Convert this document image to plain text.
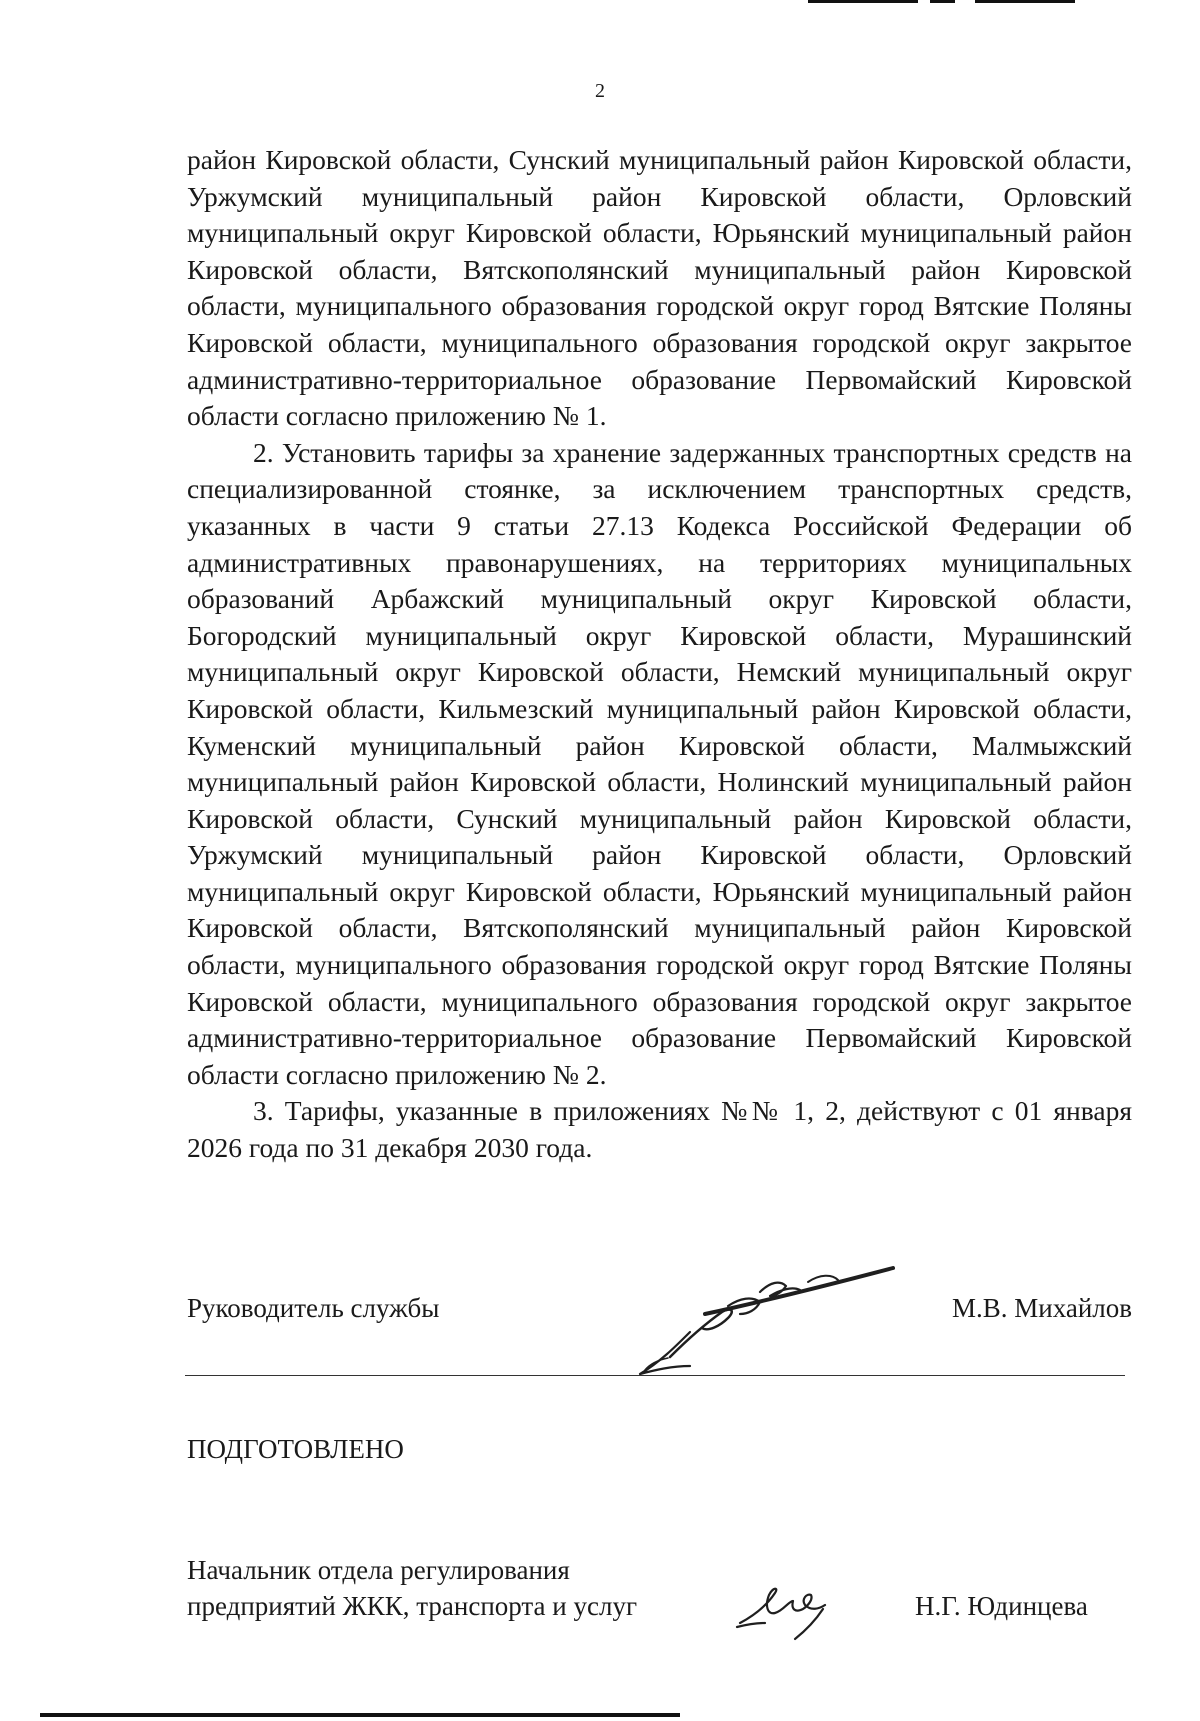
2

район Кировской области, Сунский муниципальный район Кировской области, Уржумский муниципальный район Кировской области, Орловский муниципальный округ Кировской области, Юрьянский муниципальный район Кировской области, Вятскополянский муниципальный район Кировской области, муниципального образования городской округ город Вятские Поляны Кировской области, муниципального образования городской округ закрытое административно-территориальное образование Первомайский Кировской области согласно приложению № 1.

2. Установить тарифы за хранение задержанных транспортных средств на специализированной стоянке, за исключением транспортных средств, указанных в части 9 статьи 27.13 Кодекса Российской Федерации об административных правонарушениях, на территориях муниципальных образований Арбажский муниципальный округ Кировской области, Богородский муниципальный округ Кировской области, Мурашинский муниципальный округ Кировской области, Немский муниципальный округ Кировской области, Кильмезский муниципальный район Кировской области, Куменский муниципальный район Кировской области, Малмыжский муниципальный район Кировской области, Нолинский муниципальный район Кировской области, Сунский муниципальный район Кировской области, Уржумский муниципальный район Кировской области, Орловский муниципальный округ Кировской области, Юрьянский муниципальный район Кировской области, Вятскополянский муниципальный район Кировской области, муниципального образования городской округ город Вятские Поляны Кировской области, муниципального образования городской округ закрытое административно-территориальное образование Первомайский Кировской области согласно приложению № 2.

3. Тарифы, указанные в приложениях №№ 1, 2, действуют с 01 января 2026 года по 31 декабря 2030 года.

Руководитель службы	М.В. Михайлов
ПОДГОТОВЛЕНО
Начальник отдела регулирования
предприятий ЖКК, транспорта и услуг	Н.Г. Юдинцева
